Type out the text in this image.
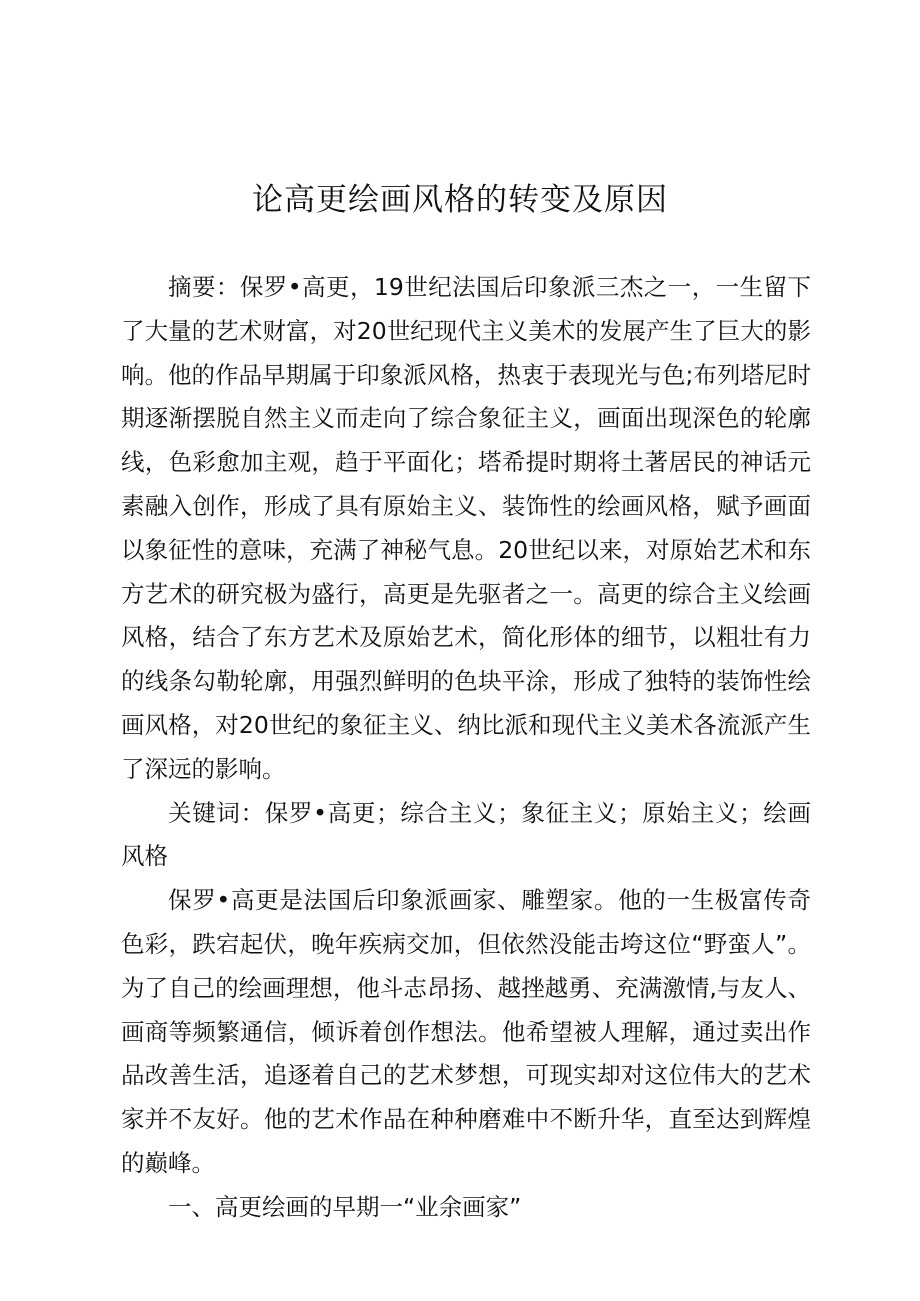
论高更绘画风格的转变及原因

摘要：保罗•高更，19世纪法国后印象派三杰之一，一生留下了大量的艺术财富，对20世纪现代主义美术的发展产生了巨大的影响。他的作品早期属于印象派风格，热衷于表现光与色;布列塔尼时期逐渐摆脱自然主义而走向了综合象征主义，画面出现深色的轮廓线，色彩愈加主观，趋于平面化；塔希提时期将土著居民的神话元素融入创作，形成了具有原始主义、装饰性的绘画风格，赋予画面以象征性的意味，充满了神秘气息。20世纪以来，对原始艺术和东方艺术的研究极为盛行，高更是先驱者之一。高更的综合主义绘画风格，结合了东方艺术及原始艺术，简化形体的细节，以粗壮有力的线条勾勒轮廓，用强烈鲜明的色块平涂，形成了独特的装饰性绘画风格，对20世纪的象征主义、纳比派和现代主义美术各流派产生了深远的影响。

关键词：保罗•高更；综合主义；象征主义；原始主义；绘画风格

保罗•高更是法国后印象派画家、雕塑家。他的一生极富传奇色彩，跌宕起伏，晚年疾病交加，但依然没能击垮这位“野蛮人”。为了自己的绘画理想，他斗志昂扬、越挫越勇、充满激情,与友人、画商等频繁通信，倾诉着创作想法。他希望被人理解，通过卖出作品改善生活，追逐着自己的艺术梦想，可现实却对这位伟大的艺术家并不友好。他的艺术作品在种种磨难中不断升华，直至达到辉煌的巅峰。

一、高更绘画的早期一“业余画家”
